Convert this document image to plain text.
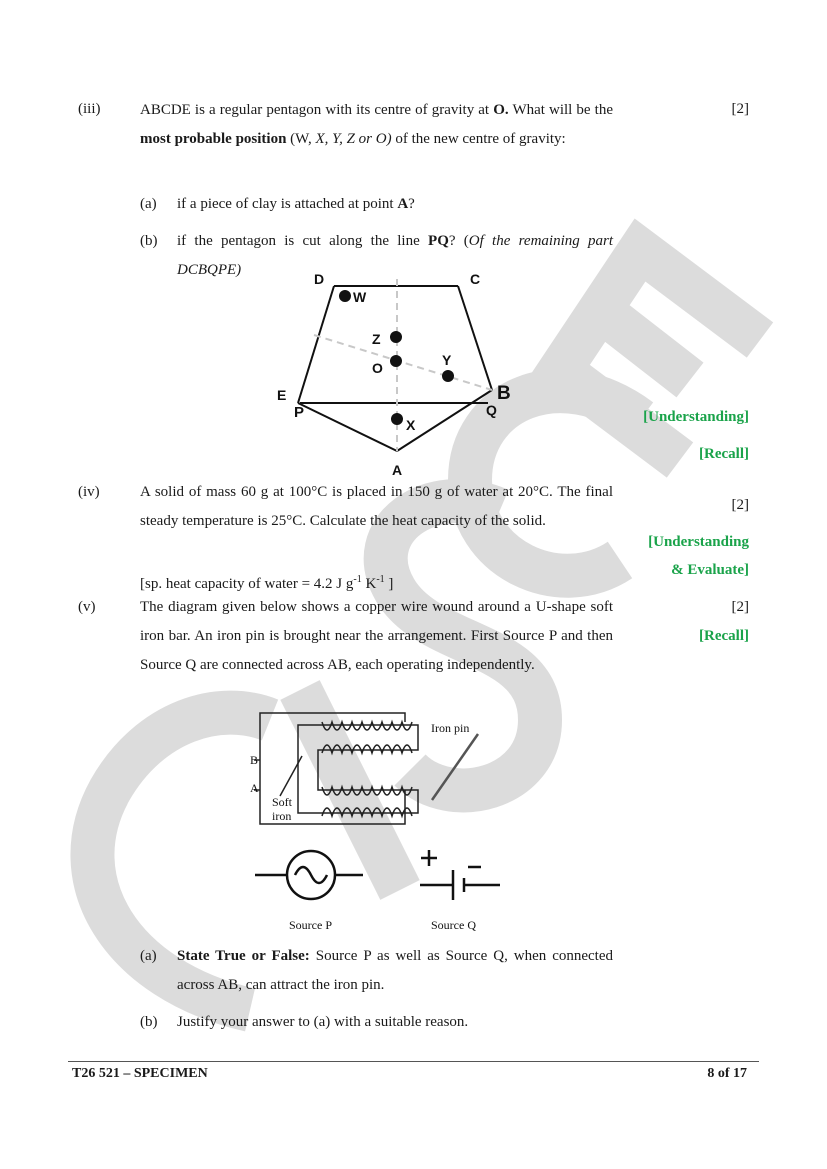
(iii)	[2]
ABCDE is a regular pentagon with its centre of gravity at O. What will be the most probable position (W, X, Y, Z or O) of the new centre of gravity:
(a) if a piece of clay is attached at point A?
(b) if the pentagon is cut along the line PQ? (Of the remaining part DCBQPE)
D	C
E	B
P	Q
A
W
Z
O	Y
X	[Understanding]
[Recall]
(iv)	A solid of mass 60 g at 100°C is placed in 150 g of water at 20°C. The final steady temperature is 25°C. Calculate the heat capacity of the solid.
[sp. heat capacity of water = 4.2 J $g^{-1}$ $K^{-1}$ ]
[2]
[Understanding
& Evaluate]
(v)	The diagram given below shows a copper wire wound around a U-shape soft iron bar. An iron pin is brought near the arrangement. First Source P and then Source Q are connected across AB, each operating independently.
[2]
[Recall]
Iron pin
B
A
Soft
iron
Source P	Source Q
(a) State True or False: Source P as well as Source Q, when connected across AB, can attract the iron pin.
(b) Justify your answer to (a) with a suitable reason.
T26 521 – SPECIMEN	8 of 17
